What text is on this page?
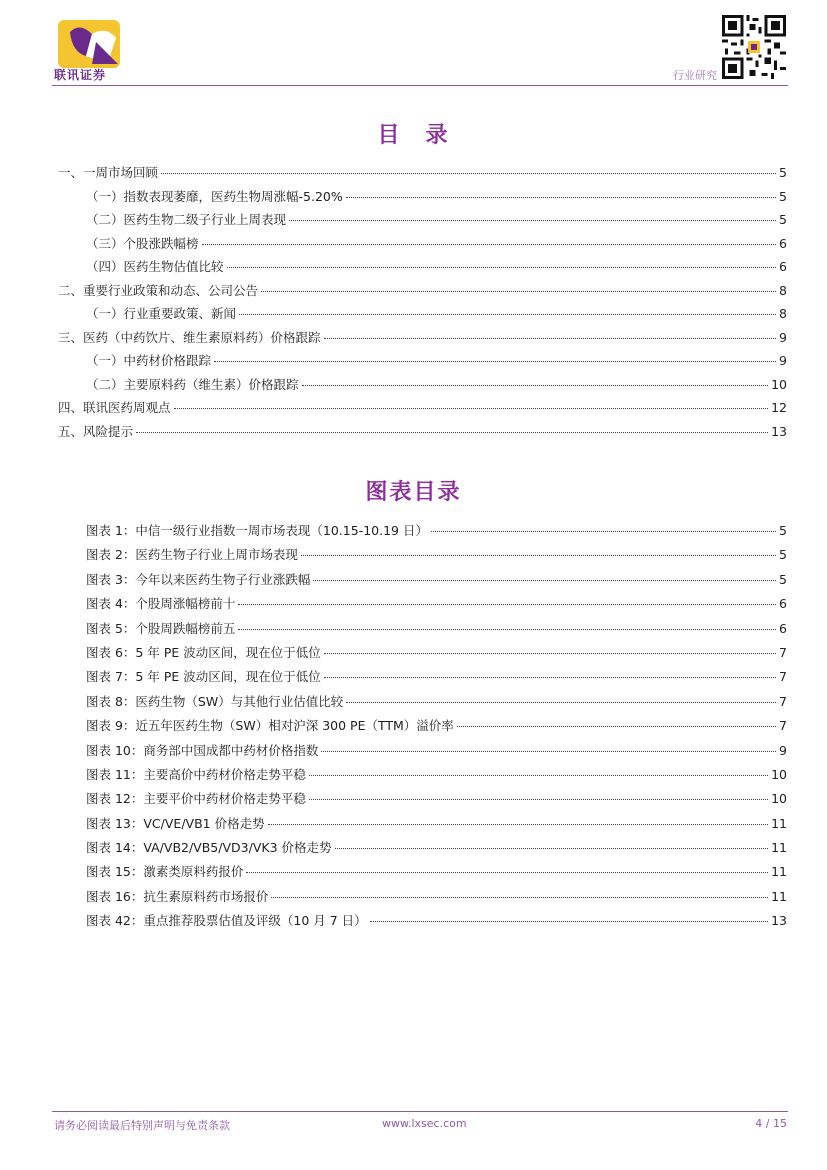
联讯证券	行业研究
目　录
一、一周市场回顾	5
（一）指数表现萎靡，医药生物周涨幅-5.20%	5
（二）医药生物二级子行业上周表现	5
（三）个股涨跌幅榜	6
（四）医药生物估值比较	6
二、重要行业政策和动态、公司公告	8
（一）行业重要政策、新闻	8
三、医药（中药饮片、维生素原料药）价格跟踪	9
（一）中药材价格跟踪	9
（二）主要原料药（维生素）价格跟踪	10
四、联讯医药周观点	12
五、风险提示	13
图表目录
图表 1：中信一级行业指数一周市场表现（10.15-10.19 日）	5
图表 2：医药生物子行业上周市场表现	5
图表 3：今年以来医药生物子行业涨跌幅	5
图表 4：个股周涨幅榜前十	6
图表 5：个股周跌幅榜前五	6
图表 6：5 年 PE 波动区间，现在位于低位	7
图表 7：5 年 PE 波动区间，现在位于低位	7
图表 8：医药生物（SW）与其他行业估值比较	7
图表 9：近五年医药生物（SW）相对沪深 300 PE（TTM）溢价率	7
图表 10：商务部中国成都中药材价格指数	9
图表 11：主要高价中药材价格走势平稳	10
图表 12：主要平价中药材价格走势平稳	10
图表 13：VC/VE/VB1 价格走势	11
图表 14：VA/VB2/VB5/VD3/VK3 价格走势	11
图表 15：激素类原料药报价	11
图表 16：抗生素原料药市场报价	11
图表 42：重点推荐股票估值及评级（10 月 7 日）	13
请务必阅读最后特别声明与免责条款	www.lxsec.com	4 / 15
